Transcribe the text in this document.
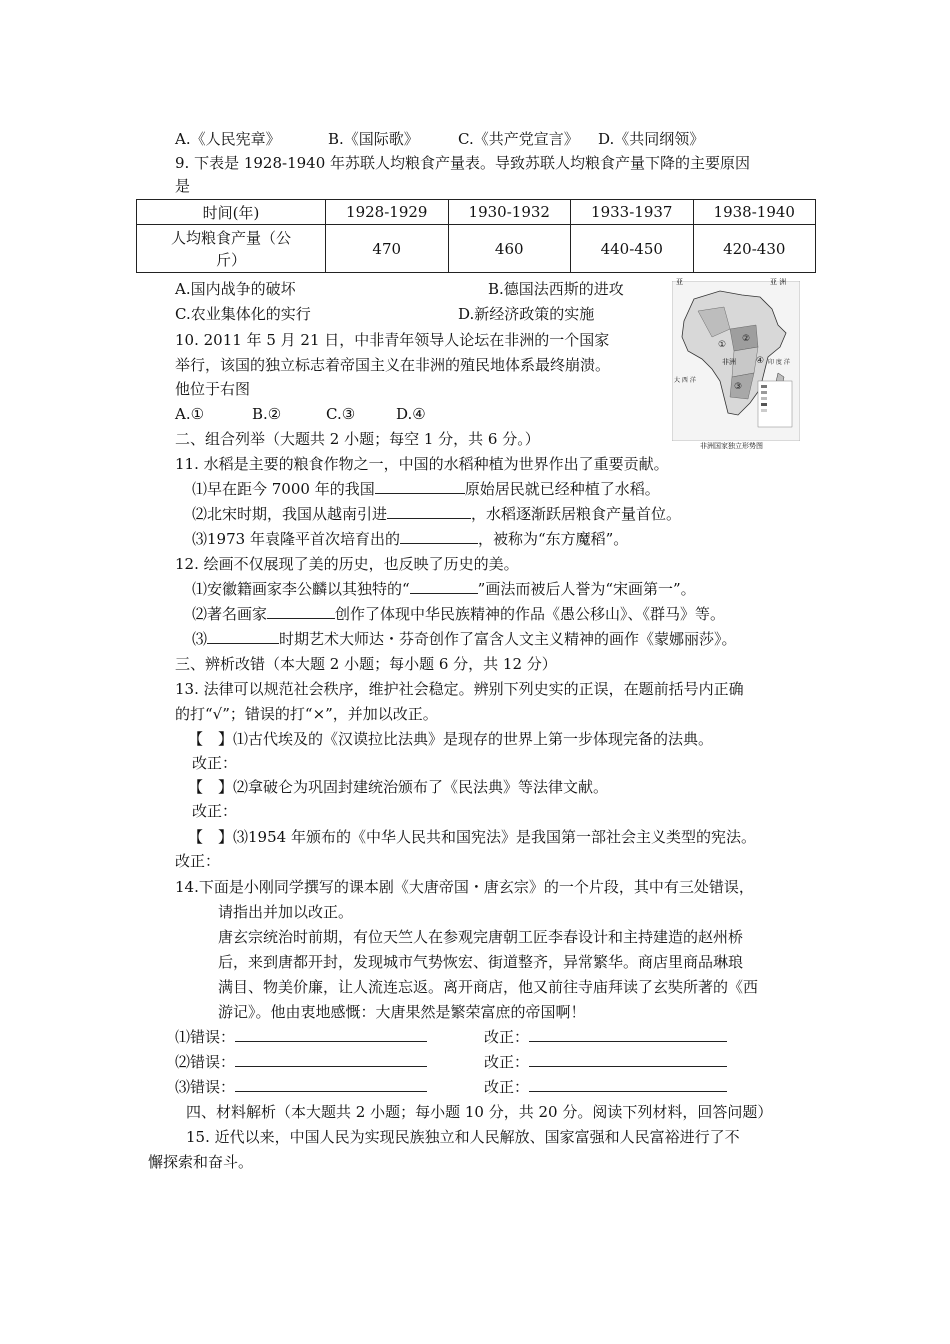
A.《人民宪章》	B.《国际歌》	C.《共产党宣言》 D.《共同纲领》
9. 下表是 1928-1940 年苏联人均粮食产量表。导致苏联人均粮食产量下降的主要原因
是
时间(年)	1928-1929	1930-1932	1933-1937	1938-1940
人均粮食产量（公
斤）	470	460	440-450	420-430
A.国内战争的破坏	B.德国法西斯的进攻
C.农业集体化的实行	D.新经济政策的实施
①
②
③
④
亚	亚 洲
大 西 洋
印 度 洋
非洲
非洲国家独立形势图
10. 2011 年 5 月 21 日，中非青年领导人论坛在非洲的一个国家
举行，该国的独立标志着帝国主义在非洲的殖民地体系最终崩溃。
他位于右图
A.①	B.②	C.③	D.④
二、组合列举（大题共 2 小题；每空 1 分，共 6 分。）
11. 水稻是主要的粮食作物之一，中国的水稻种植为世界作出了重要贡献。
⑴早在距今 7000 年的我国	原始居民就已经种植了水稻。
⑵北宋时期，我国从越南引进	，水稻逐渐跃居粮食产量首位。
⑶1973 年袁隆平首次培育出的	，被称为“东方魔稻”。
12. 绘画不仅展现了美的历史，也反映了历史的美。
⑴安徽籍画家李公麟以其独特的“	”画法而被后人誉为“宋画第一”。
⑵著名画家	创作了体现中华民族精神的作品《愚公移山》、《群马》等。
⑶	时期艺术大师达・芬奇创作了富含人文主义精神的画作《蒙娜丽莎》。
三、辨析改错（本大题 2 小题；每小题 6 分，共 12 分）
13. 法律可以规范社会秩序，维护社会稳定。辨别下列史实的正误，在题前括号内正确
的打“√”；错误的打“×”，并加以改正。
【　】⑴古代埃及的《汉谟拉比法典》是现存的世界上第一步体现完备的法典。
改正：
【　】⑵拿破仑为巩固封建统治颁布了《民法典》等法律文献。
改正：
【　】⑶1954 年颁布的《中华人民共和国宪法》是我国第一部社会主义类型的宪法。
改正：
14.下面是小刚同学撰写的课本剧《大唐帝国・唐玄宗》的一个片段，其中有三处错误，
请指出并加以改正。
唐玄宗统治时前期，有位天竺人在参观完唐朝工匠李春设计和主持建造的赵州桥
后，来到唐都开封，发现城市气势恢宏、街道整齐，异常繁华。商店里商品琳琅
满目、物美价廉，让人流连忘返。离开商店，他又前往寺庙拜读了玄奘所著的《西
游记》。他由衷地感慨：大唐果然是繁荣富庶的帝国啊！
⑴错误：	改正：
⑵错误：	改正：
⑶错误：	改正：
四、材料解析（本大题共 2 小题；每小题 10 分，共 20 分。阅读下列材料，回答问题）
15. 近代以来，中国人民为实现民族独立和人民解放、国家富强和人民富裕进行了不
懈探索和奋斗。
